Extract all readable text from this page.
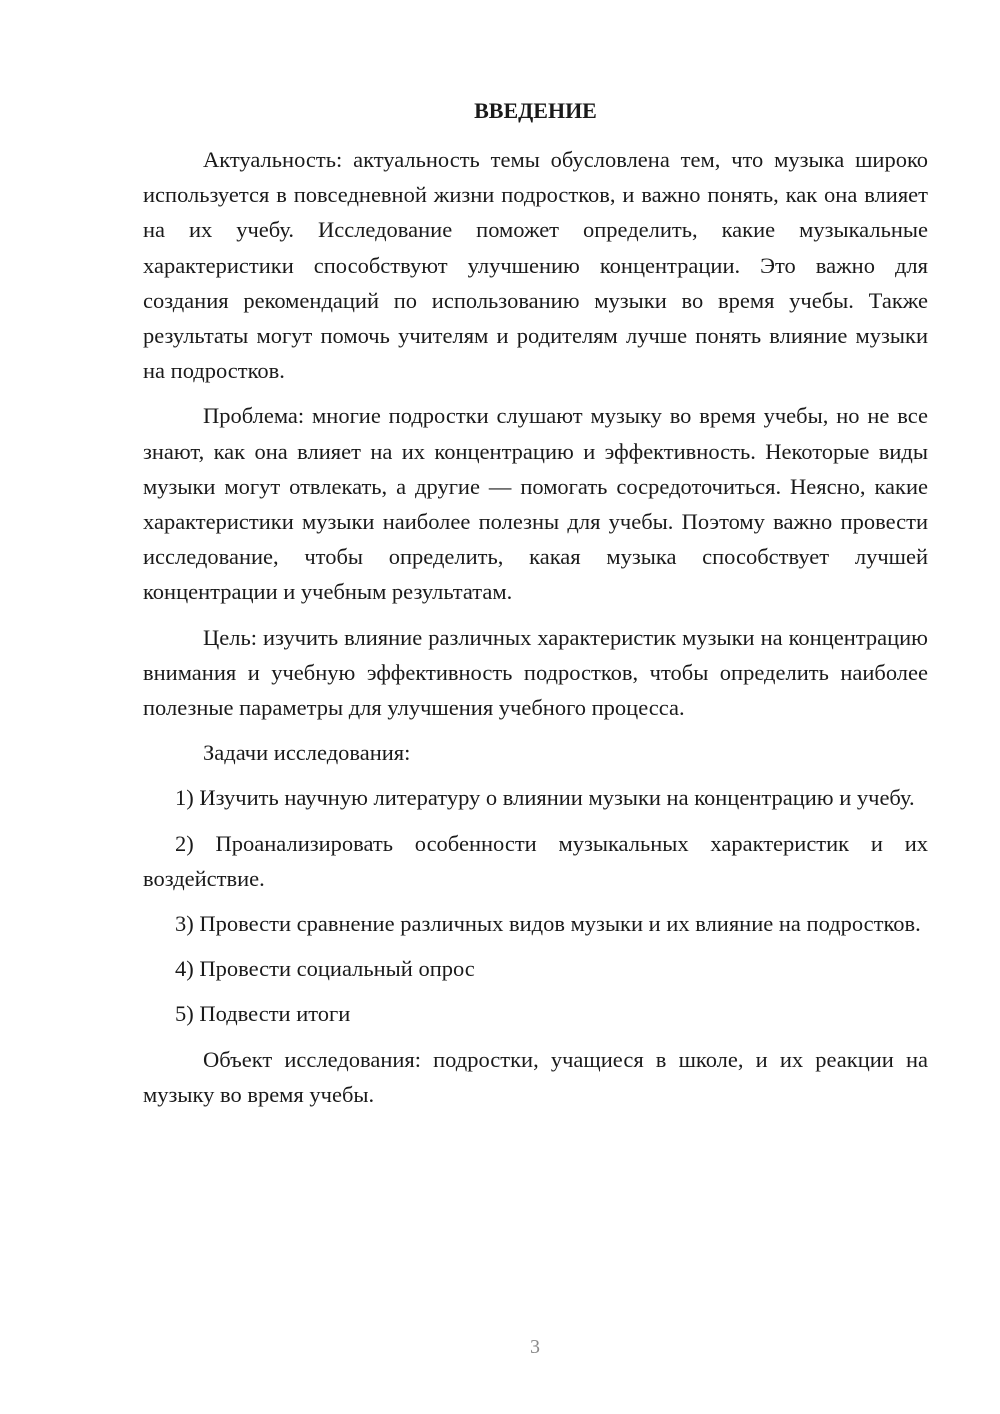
ВВЕДЕНИЕ

Актуальность: актуальность темы обусловлена тем, что музыка широко используется в повседневной жизни подростков, и важно понять, как она влияет на их учебу. Исследование поможет определить, какие музыкальные характеристики способствуют улучшению концентрации. Это важно для создания рекомендаций по использованию музыки во время учебы. Также результаты могут помочь учителям и родителям лучше понять влияние музыки на подростков.

Проблема: многие подростки слушают музыку во время учебы, но не все знают, как она влияет на их концентрацию и эффективность. Некоторые виды музыки могут отвлекать, а другие — помогать сосредоточиться. Неясно, какие характеристики музыки наиболее полезны для учебы. Поэтому важно провести исследование, чтобы определить, какая музыка способствует лучшей концентрации и учебным результатам.

Цель: изучить влияние различных характеристик музыки на концентрацию внимания и учебную эффективность подростков, чтобы определить наиболее полезные параметры для улучшения учебного процесса.

Задачи исследования:

1) Изучить научную литературу о влиянии музыки на концентрацию и учебу.

2) Проанализировать особенности музыкальных характеристик и их воздействие.

3) Провести сравнение различных видов музыки и их влияние на подростков.

4) Провести социальный опрос

5) Подвести итоги

Объект исследования: подростки, учащиеся в школе, и их реакции на музыку во время учебы.

3
